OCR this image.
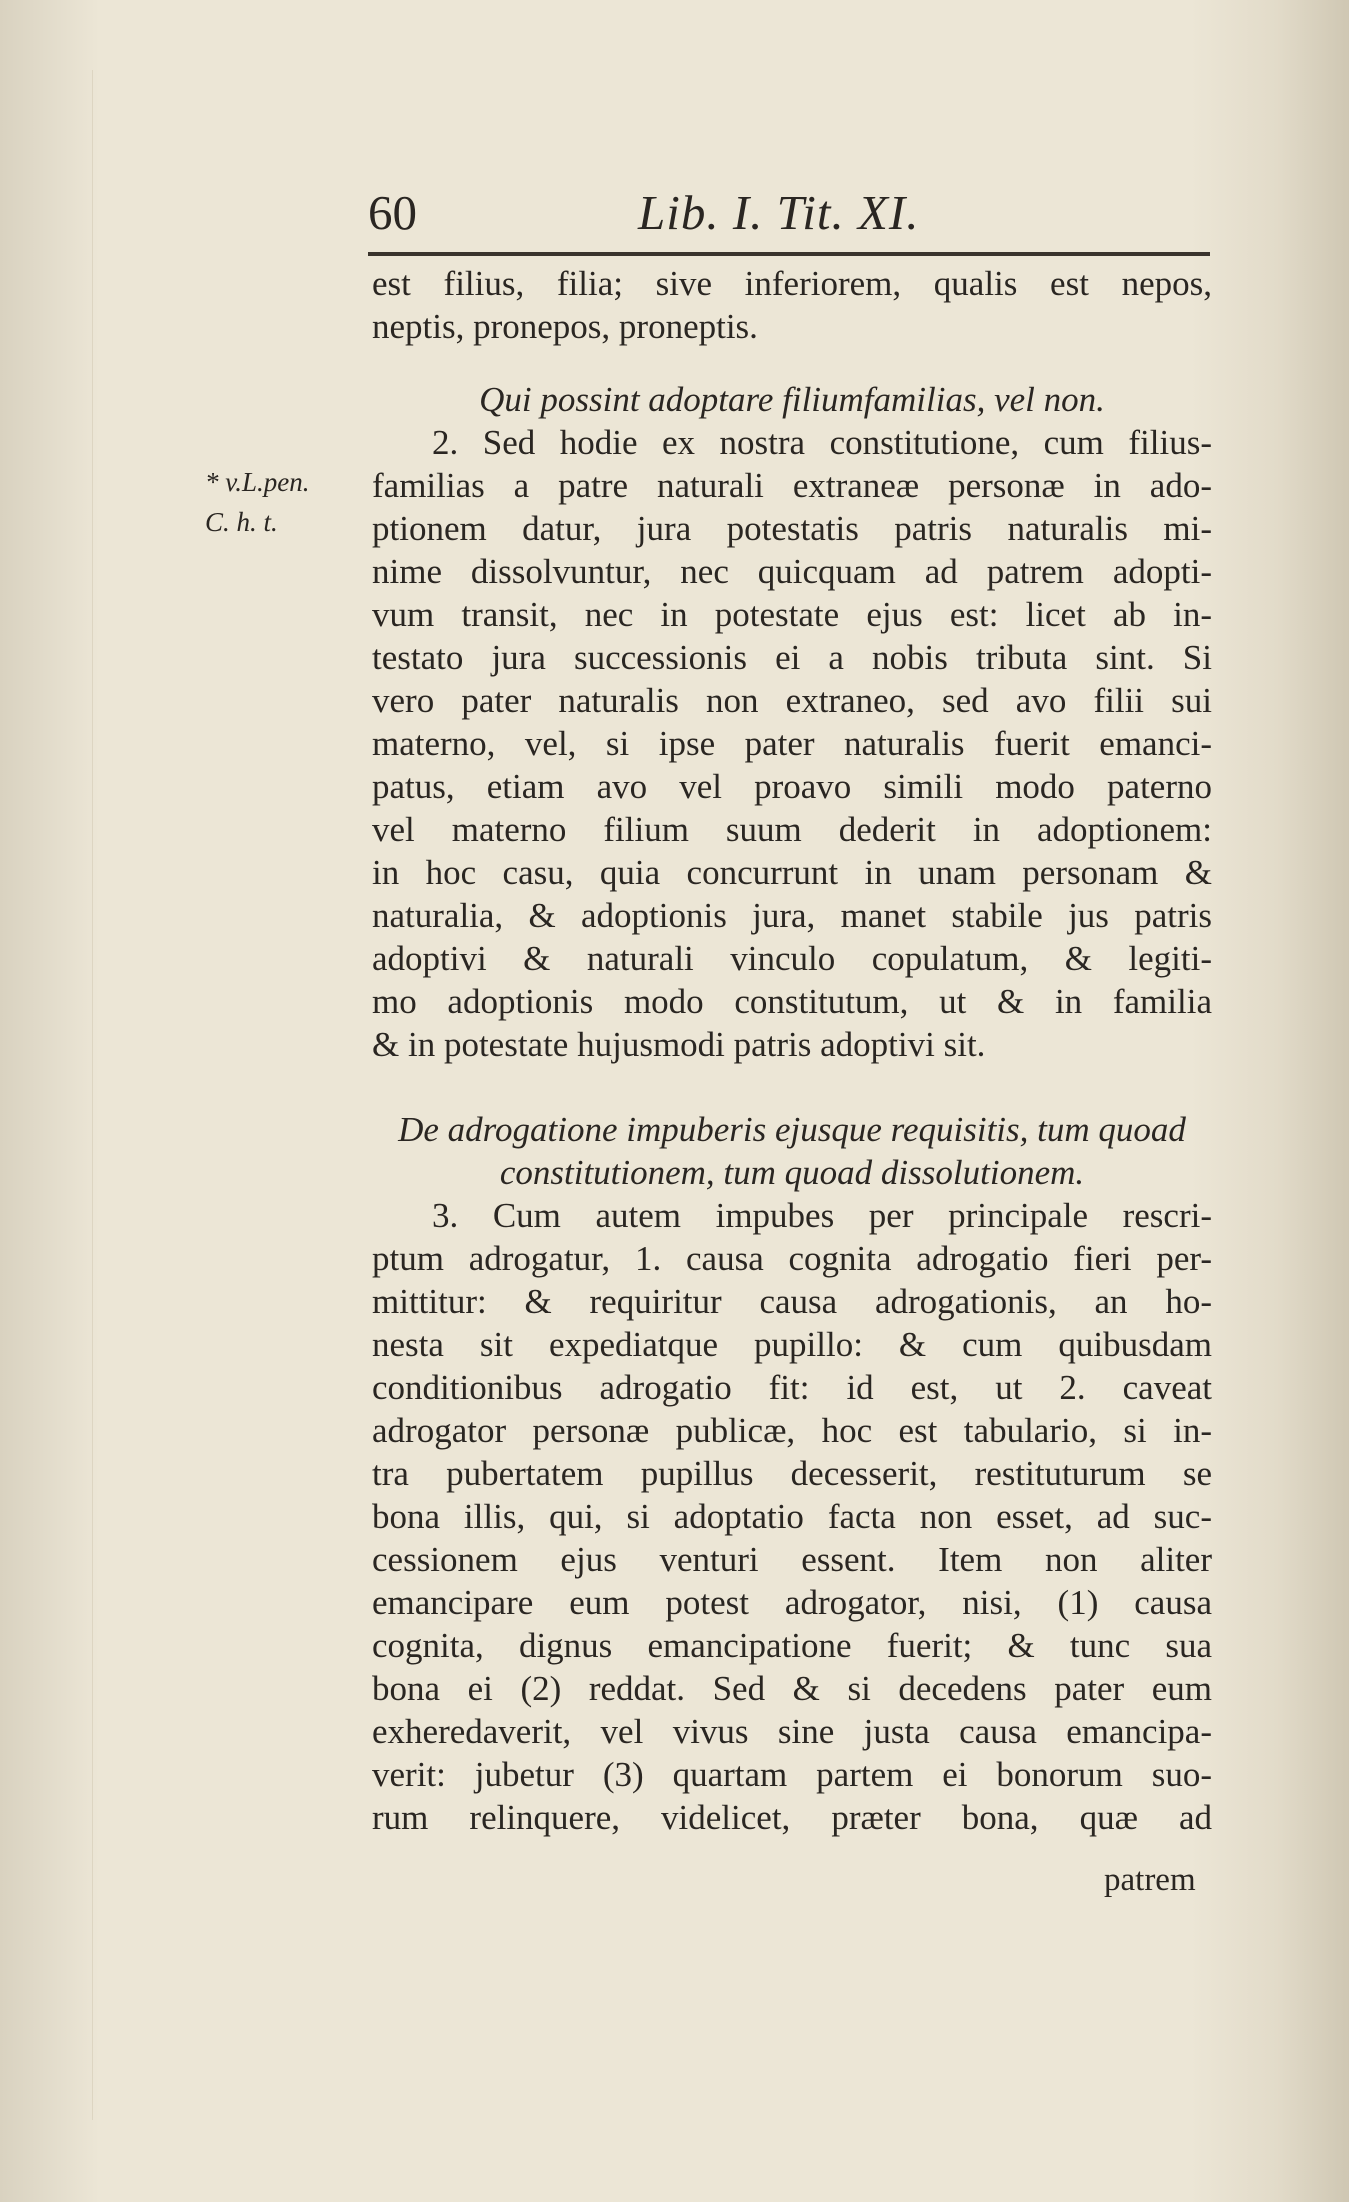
60	Lib. I. Tit. XI.
* v.L.pen.
C. h. t.
est filius, filia; sive inferiorem, qualis est nepos,
neptis, pronepos, proneptis.
Qui possint adoptare filiumfamilias, vel non.
2. Sed hodie ex nostra constitutione, cum filius-
familias a patre naturali extraneæ personæ in ado-
ptionem datur, jura potestatis patris naturalis mi-
nime dissolvuntur, nec quicquam ad patrem adopti-
vum transit, nec in potestate ejus est: licet ab in-
testato jura successionis ei a nobis tributa sint. Si
vero pater naturalis non extraneo, sed avo filii sui
materno, vel, si ipse pater naturalis fuerit emanci-
patus, etiam avo vel proavo simili modo paterno
vel materno filium suum dederit in adoptionem:
in hoc casu, quia concurrunt in unam personam &
naturalia, & adoptionis jura, manet stabile jus patris
adoptivi & naturali vinculo copulatum, & legiti-
mo adoptionis modo constitutum, ut & in familia
& in potestate hujusmodi patris adoptivi sit.
De adrogatione impuberis ejusque requisitis, tum quoad
constitutionem, tum quoad dissolutionem.
3. Cum autem impubes per principale rescri-
ptum adrogatur, 1. causa cognita adrogatio fieri per-
mittitur: & requiritur causa adrogationis, an ho-
nesta sit expediatque pupillo: & cum quibusdam
conditionibus adrogatio fit: id est, ut 2. caveat
adrogator personæ publicæ, hoc est tabulario, si in-
tra pubertatem pupillus decesserit, restituturum se
bona illis, qui, si adoptatio facta non esset, ad suc-
cessionem ejus venturi essent. Item non aliter
emancipare eum potest adrogator, nisi, (1) causa
cognita, dignus emancipatione fuerit; & tunc sua
bona ei (2) reddat. Sed & si decedens pater eum
exheredaverit, vel vivus sine justa causa emancipa-
verit: jubetur (3) quartam partem ei bonorum suo-
rum relinquere, videlicet, præter bona, quæ ad
patrem
